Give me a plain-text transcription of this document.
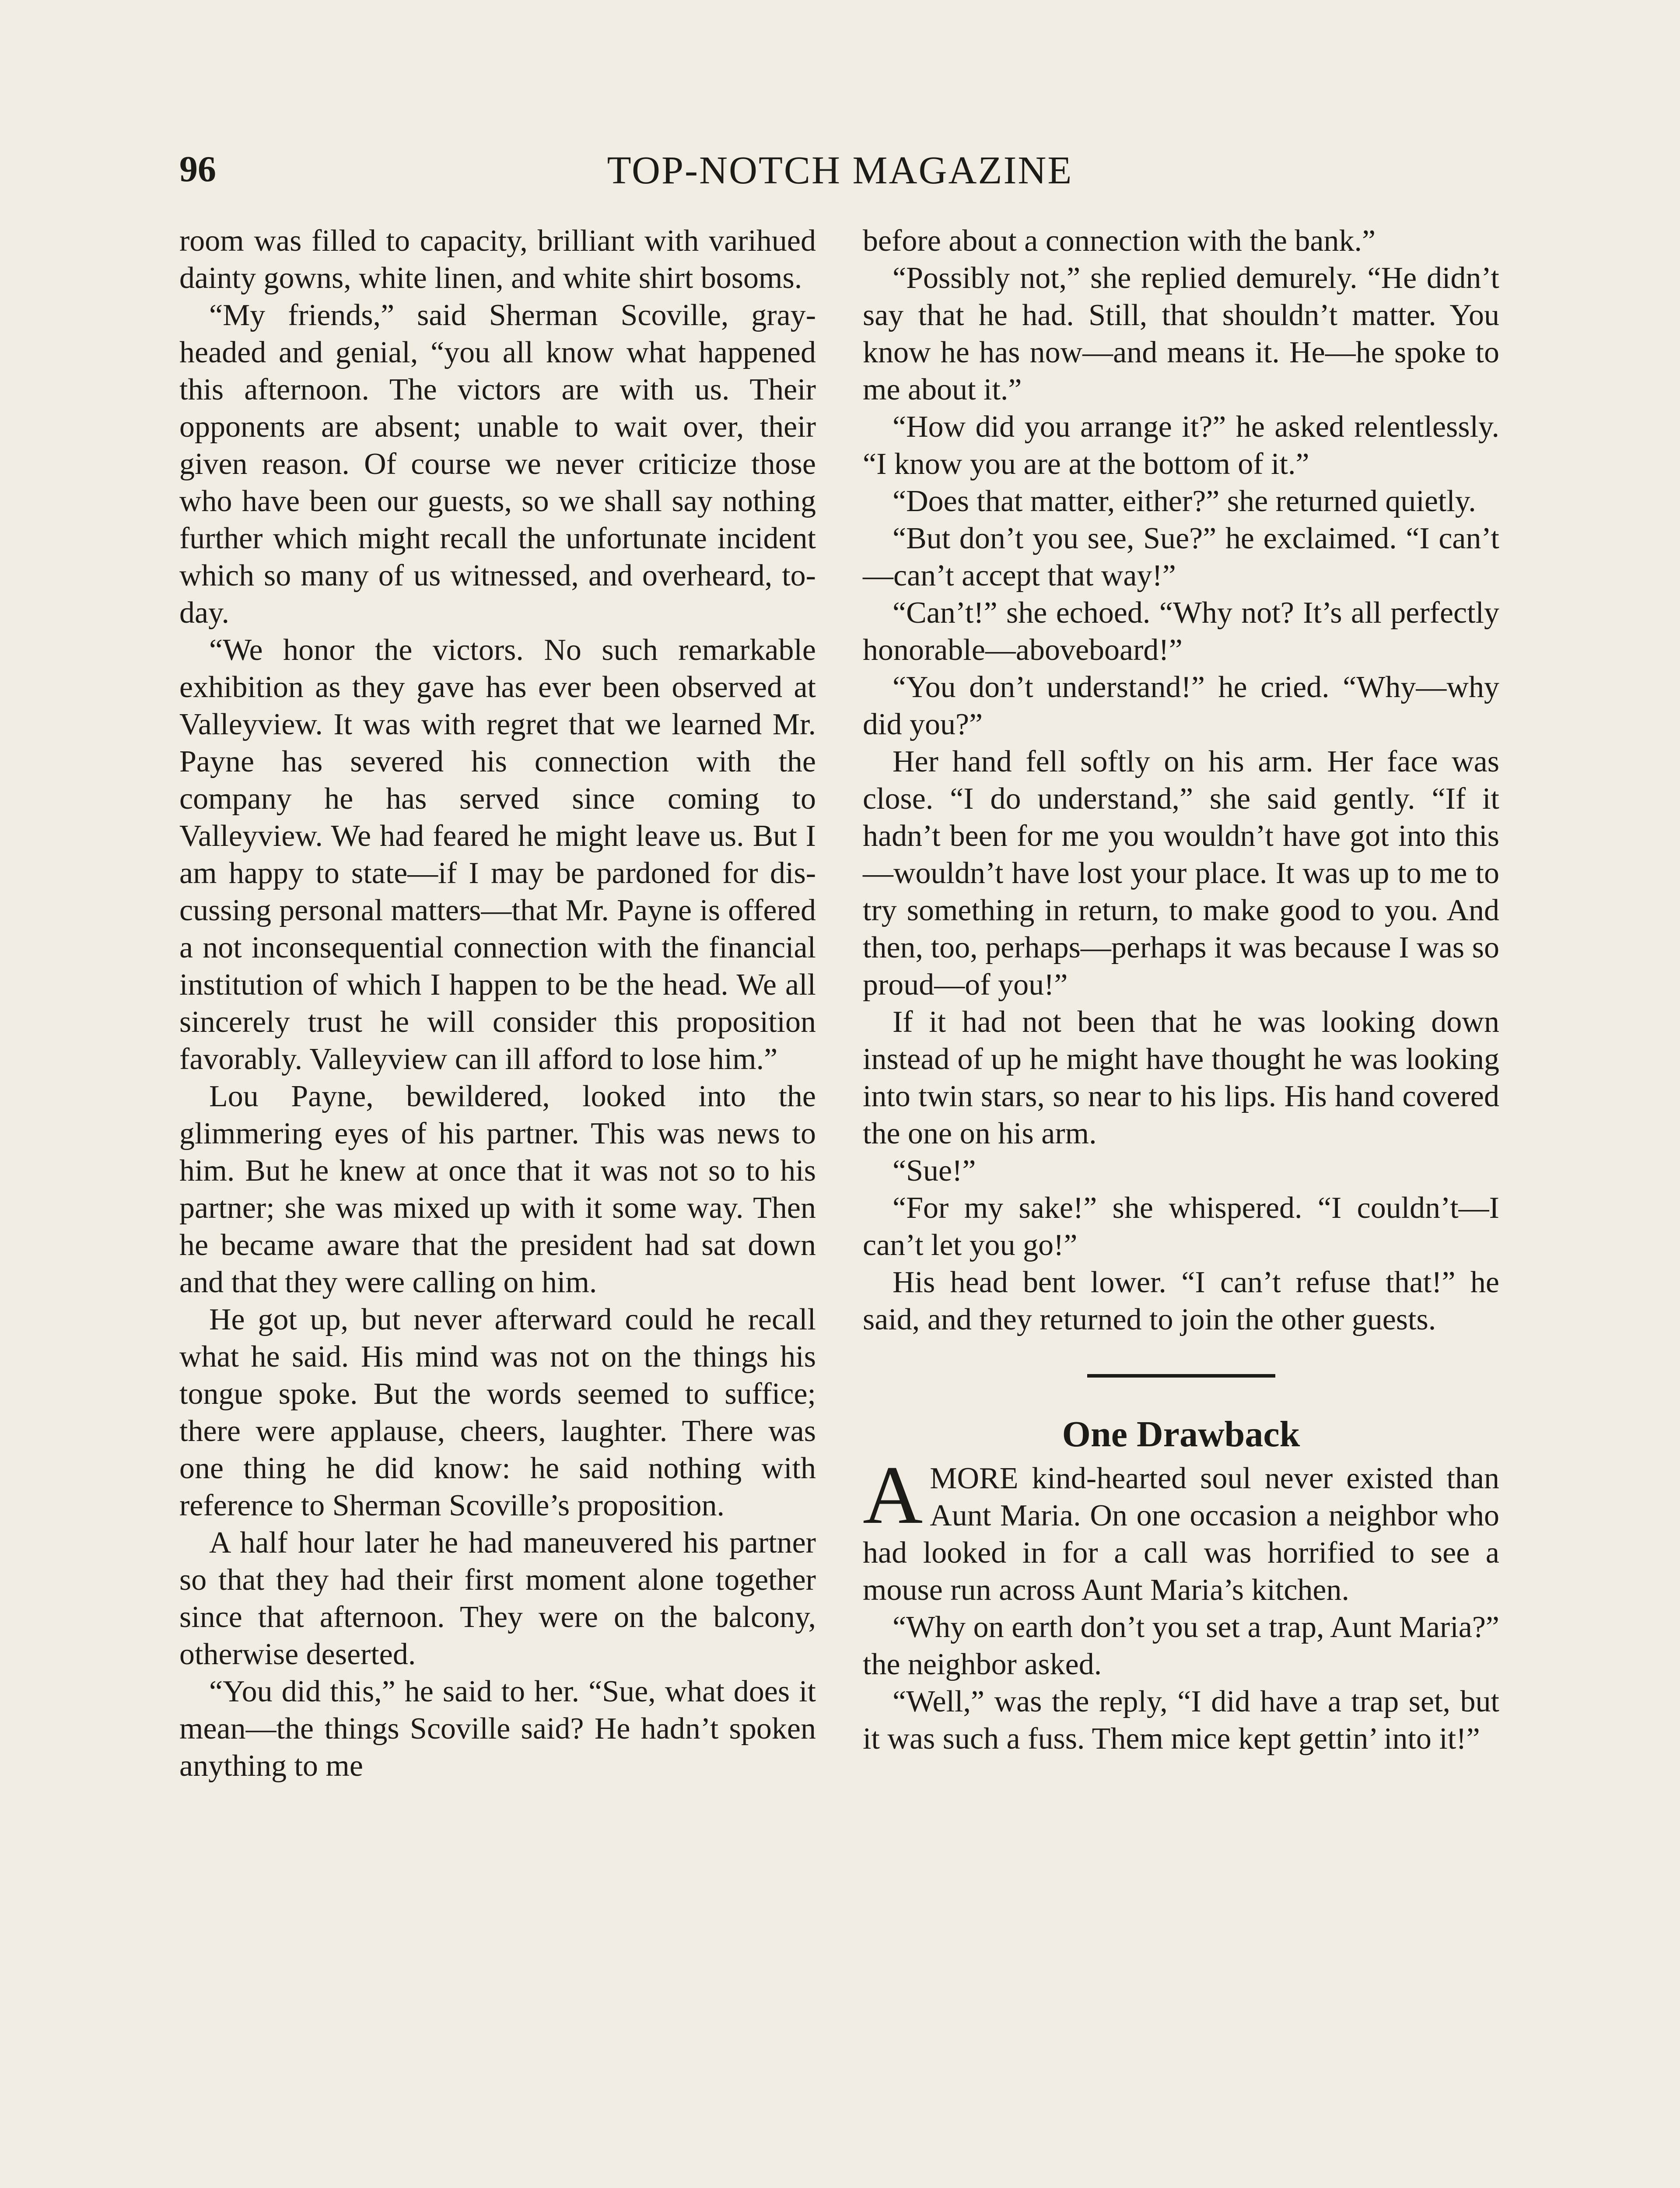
96	TOP-NOTCH MAGAZINE

room was filled to capacity, brilliant with varihued dainty gowns, white linen, and white shirt bosoms.

“My friends,” said Sherman Scoville, gray-headed and genial, “you all know what happened this afternoon. The victors are with us. Their opponents are absent; unable to wait over, their given reason. Of course we never criticize those who have been our guests, so we shall say nothing further which might recall the unfortunate incident which so many of us witnessed, and overheard, to-day.

“We honor the victors. No such remarkable exhibition as they gave has ever been observed at Valleyview. It was with regret that we learned Mr. Payne has severed his connection with the company he has served since coming to Valleyview. We had feared he might leave us. But I am happy to state—if I may be pardoned for discussing personal matters—that Mr. Payne is offered a not inconsequential connection with the financial institution of which I happen to be the head. We all sincerely trust he will consider this proposition favorably. Valleyview can ill afford to lose him.”

Lou Payne, bewildered, looked into the glimmering eyes of his partner. This was news to him. But he knew at once that it was not so to his partner; she was mixed up with it some way. Then he became aware that the president had sat down and that they were calling on him.

He got up, but never afterward could he recall what he said. His mind was not on the things his tongue spoke. But the words seemed to suffice; there were applause, cheers, laughter. There was one thing he did know: he said nothing with reference to Sherman Scoville’s proposition.

A half hour later he had maneuvered his partner so that they had their first moment alone together since that afternoon. They were on the balcony, otherwise deserted.

“You did this,” he said to her. “Sue, what does it mean—the things Scoville said? He hadn’t spoken anything to me

before about a connection with the bank.”

“Possibly not,” she replied demurely. “He didn’t say that he had. Still, that shouldn’t matter. You know he has now—and means it. He—he spoke to me about it.”

“How did you arrange it?” he asked relentlessly. “I know you are at the bottom of it.”

“Does that matter, either?” she returned quietly.

“But don’t you see, Sue?” he exclaimed. “I can’t—can’t accept that way!”

“Can’t!” she echoed. “Why not? It’s all perfectly honorable—aboveboard!”

“You don’t understand!” he cried. “Why—why did you?”

Her hand fell softly on his arm. Her face was close. “I do understand,” she said gently. “If it hadn’t been for me you wouldn’t have got into this —wouldn’t have lost your place. It was up to me to try something in return, to make good to you. And then, too, perhaps—perhaps it was because I was so proud—of you!”

If it had not been that he was looking down instead of up he might have thought he was looking into twin stars, so near to his lips. His hand covered the one on his arm.

“Sue!”

“For my sake!” she whispered. “I couldn’t—I can’t let you go!”

His head bent lower. “I can’t refuse that!” he said, and they returned to join the other guests.

One Drawback

AMORE kind-hearted soul never existed than Aunt Maria. On one occasion a neighbor who had looked in for a call was horrified to see a mouse run across Aunt Maria’s kitchen.

“Why on earth don’t you set a trap, Aunt Maria?” the neighbor asked.

“Well,” was the reply, “I did have a trap set, but it was such a fuss. Them mice kept gettin’ into it!”
